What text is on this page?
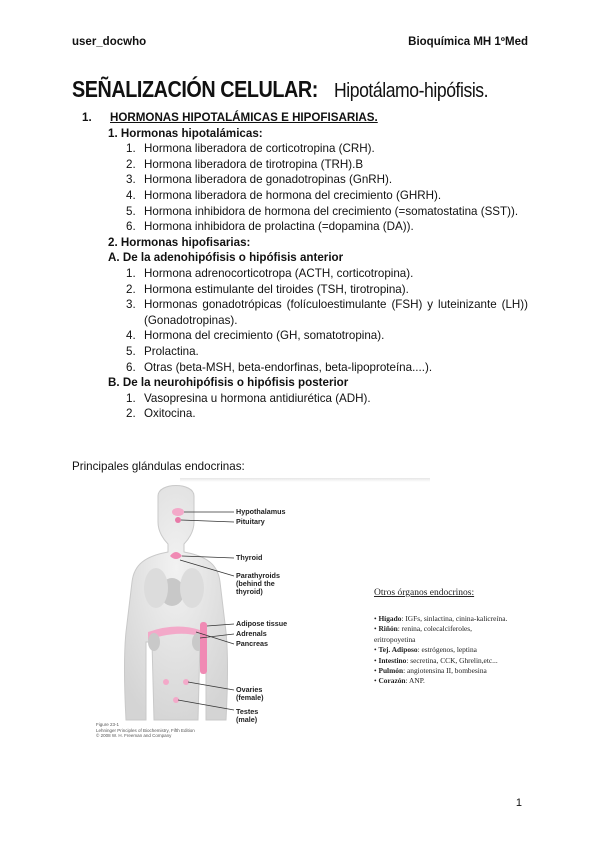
user_docwho	Bioquímica MH 1ºMed
SEÑALIZACIÓN CELULAR: Hipotálamo-hipófisis.
1. HORMONAS HIPOTALÁMICAS E HIPOFISARIAS.
1. Hormonas hipotalámicas:
1. Hormona liberadora de corticotropina (CRH).
2. Hormona liberadora de tirotropina (TRH).B
3. Hormona liberadora de gonadotropinas (GnRH).
4. Hormona liberadora de hormona del crecimiento (GHRH).
5. Hormona inhibidora de hormona del crecimiento (=somatostatina (SST)).
6. Hormona inhibidora de prolactina (=dopamina (DA)).
2. Hormonas hipofisarias:
A. De la adenohipófisis o hipófisis anterior
1. Hormona adrenocorticotropa (ACTH, corticotropina).
2. Hormona estimulante del tiroides (TSH, tirotropina).
3. Hormonas gonadotrópicas (folículoestimulante (FSH) y luteinizante (LH)) (Gonadotropinas).
4. Hormona del crecimiento (GH, somatotropina).
5. Prolactina.
6. Otras (beta-MSH, beta-endorfinas, beta-lipoproteína....).
B. De la neurohipófisis o hipófisis posterior
1. Vasopresina u hormona antidiurética (ADH).
2. Oxitocina.
Principales glándulas endocrinas:
Hypothalamus
Pituitary
Thyroid
Parathyroids
(behind the
thyroid)
Adipose tissue
Adrenals
Pancreas
Ovaries
(female)
Testes
(male)
Figure 23-1
Lehninger Principles of Biochemistry, Fifth Edition
© 2008 W. H. Freeman and Company
Otros órganos endocrinos:
• Hígado: IGFs, sinlactina, cinina-kalicreína.
• Riñón: renina, colecalciferoles, eritropoyetina
• Tej. Adiposo: estrógenos, leptina
• Intestino: secretina, CCK, Ghrelin,etc...
• Pulmón: angiotensina II, bombesina
• Corazón: ANP.
1
